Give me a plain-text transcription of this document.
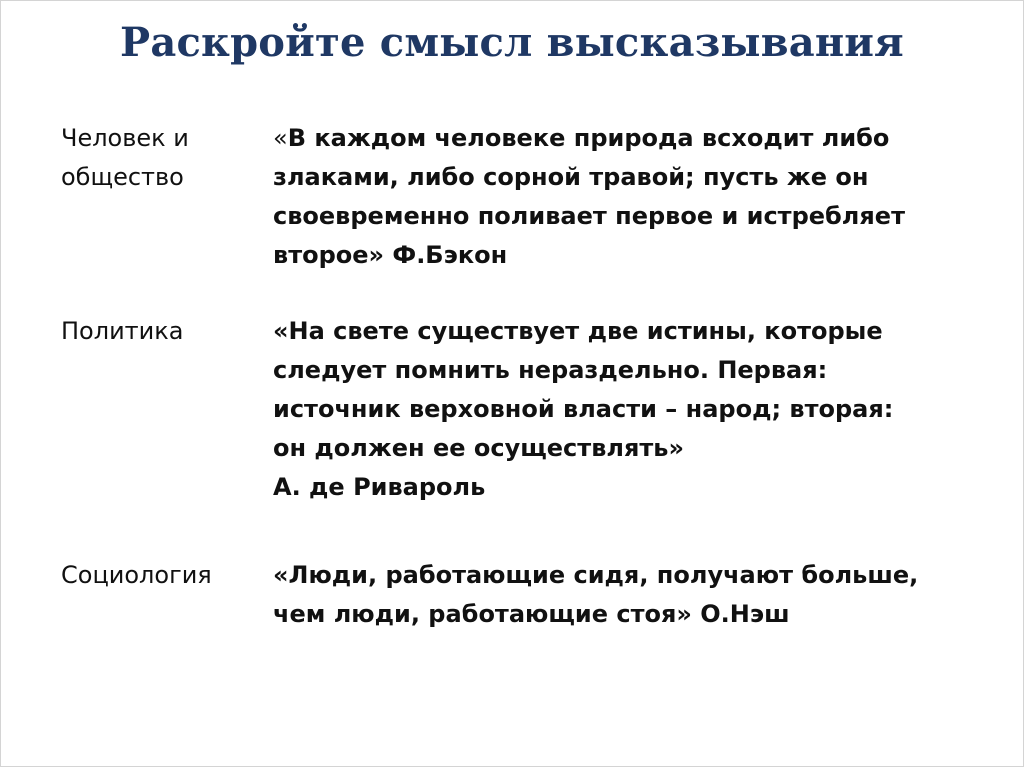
Раскройте смысл высказывания
Человек и
общество
«В каждом человеке природа всходит либо
злаками, либо сорной травой; пусть же он
своевременно поливает первое и истребляет
второе» Ф.Бэкон
Политика	«На свете существует две истины, которые
следует помнить нераздельно. Первая:
источник верховной власти – народ; вторая:
он должен ее осуществлять»
А. де Ривароль
Социология	«Люди, работающие сидя, получают больше,
чем люди, работающие стоя» О.Нэш
